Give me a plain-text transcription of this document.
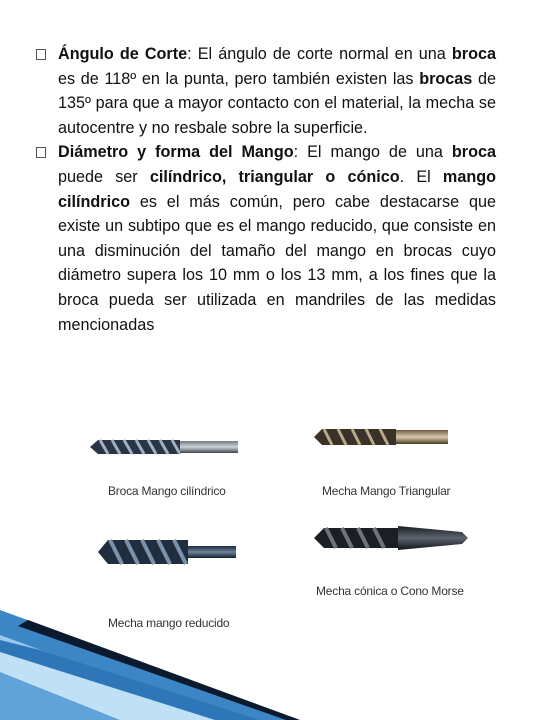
Ángulo de Corte: El ángulo de corte normal en una broca es de 118º en la punta, pero también existen las brocas de 135º para que a mayor contacto con el material, la mecha se autocentre y no resbale sobre la superficie.
Diámetro y forma del Mango: El mango de una broca puede ser cilíndrico, triangular o cónico. El mango cilíndrico es el más común, pero cabe destacarse que existe un subtipo que es el mango reducido, que consiste en una disminución del tamaño del mango en brocas cuyo diámetro supera los 10 mm o los 13 mm, a los fines que la broca pueda ser utilizada en mandriles de las medidas mencionadas
Broca Mango cilíndrico	Mecha Mango Triangular
Mecha mango reducido
Mecha cónica o Cono Morse
